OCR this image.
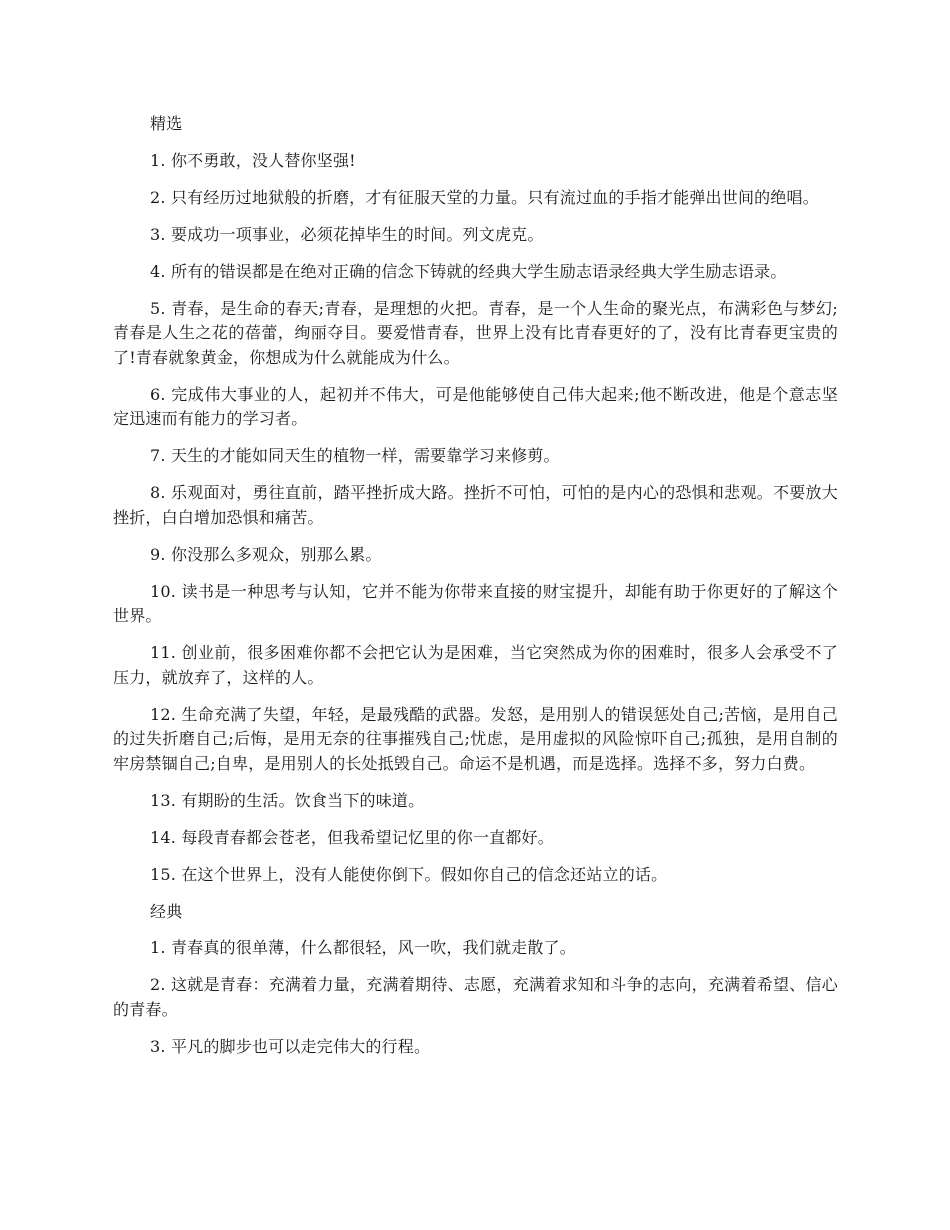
精选

1. 你不勇敢，没人替你坚强!

2. 只有经历过地狱般的折磨，才有征服天堂的力量。只有流过血的手指才能弹出世间的绝唱。

3. 要成功一项事业，必须花掉毕生的时间。列文虎克。

4. 所有的错误都是在绝对正确的信念下铸就的经典大学生励志语录经典大学生励志语录。

5. 青春，是生命的春天;青春，是理想的火把。青春，是一个人生命的聚光点，布满彩色与梦幻;青春是人生之花的蓓蕾，绚丽夺目。要爱惜青春，世界上没有比青春更好的了，没有比青春更宝贵的了!青春就象黄金，你想成为什么就能成为什么。

6. 完成伟大事业的人，起初并不伟大，可是他能够使自己伟大起来;他不断改进，他是个意志坚定迅速而有能力的学习者。

7. 天生的才能如同天生的植物一样，需要靠学习来修剪。

8. 乐观面对，勇往直前，踏平挫折成大路。挫折不可怕，可怕的是内心的恐惧和悲观。不要放大挫折，白白增加恐惧和痛苦。

9. 你没那么多观众，别那么累。

10. 读书是一种思考与认知，它并不能为你带来直接的财宝提升，却能有助于你更好的了解这个世界。

11. 创业前，很多困难你都不会把它认为是困难，当它突然成为你的困难时，很多人会承受不了压力，就放弃了，这样的人。

12. 生命充满了失望，年轻，是最残酷的武器。发怒，是用别人的错误惩处自己;苦恼，是用自己的过失折磨自己;后悔，是用无奈的往事摧残自己;忧虑，是用虚拟的风险惊吓自己;孤独，是用自制的牢房禁锢自己;自卑，是用别人的长处抵毁自己。命运不是机遇，而是选择。选择不多，努力白费。

13. 有期盼的生活。饮食当下的味道。

14. 每段青春都会苍老，但我希望记忆里的你一直都好。

15. 在这个世界上，没有人能使你倒下。假如你自己的信念还站立的话。

经典

1. 青春真的很单薄，什么都很轻，风一吹，我们就走散了。

2. 这就是青春：充满着力量，充满着期待、志愿，充满着求知和斗争的志向，充满着希望、信心的青春。

3. 平凡的脚步也可以走完伟大的行程。
